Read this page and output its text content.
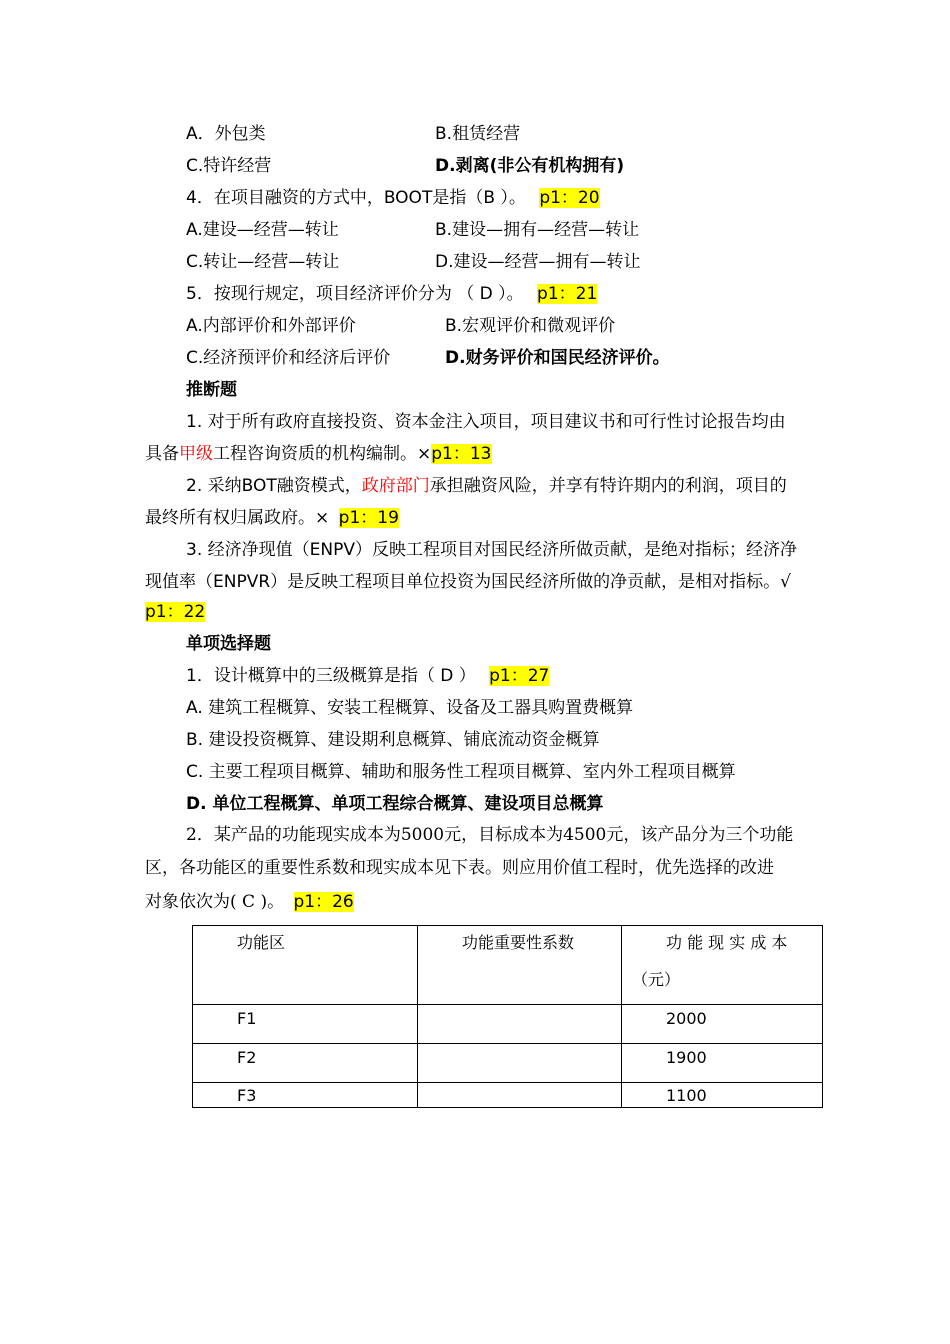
A．外包类	B.租赁经营
C.特许经营	D.剥离(非公有机构拥有)
4．在项目融资的方式中，BOOT是指（B ）。 p1：20
A.建设—经营—转让	B.建设—拥有—经营—转让
C.转让—经营—转让	D.建设—经营—拥有—转让
5．按现行规定，项目经济评价分为 （ D ）。 p1：21
A.内部评价和外部评价	B.宏观评价和微观评价
C.经济预评价和经济后评价	D.财务评价和国民经济评价。
推断题
1. 对于所有政府直接投资、资本金注入项目，项目建议书和可行性讨论报告均由
具备甲级工程咨询资质的机构编制。×p1：13
2. 采纳BOT融资模式，政府部门承担融资风险，并享有特许期内的利润，项目的
最终所有权归属政府。× p1：19
3. 经济净现值（ENPV）反映工程项目对国民经济所做贡献，是绝对指标；经济净
现值率（ENPVR）是反映工程项目单位投资为国民经济所做的净贡献，是相对指标。√
p1：22
单项选择题
1．设计概算中的三级概算是指（ D ） p1：27
A. 建筑工程概算、安装工程概算、设备及工器具购置费概算
B. 建设投资概算、建设期利息概算、铺底流动资金概算
C. 主要工程项目概算、辅助和服务性工程项目概算、室内外工程项目概算
D. 单位工程概算、单项工程综合概算、建设项目总概算
2．某产品的功能现实成本为5000元，目标成本为4500元，该产品分为三个功能
区，各功能区的重要性系数和现实成本见下表。则应用价值工程时，优先选择的改进
对象依次为( C )。 p1：26
功能区	功能重要性系数	功 能 现 实 成 本
（元）

F1		2000

F2		1900

F3		1100
